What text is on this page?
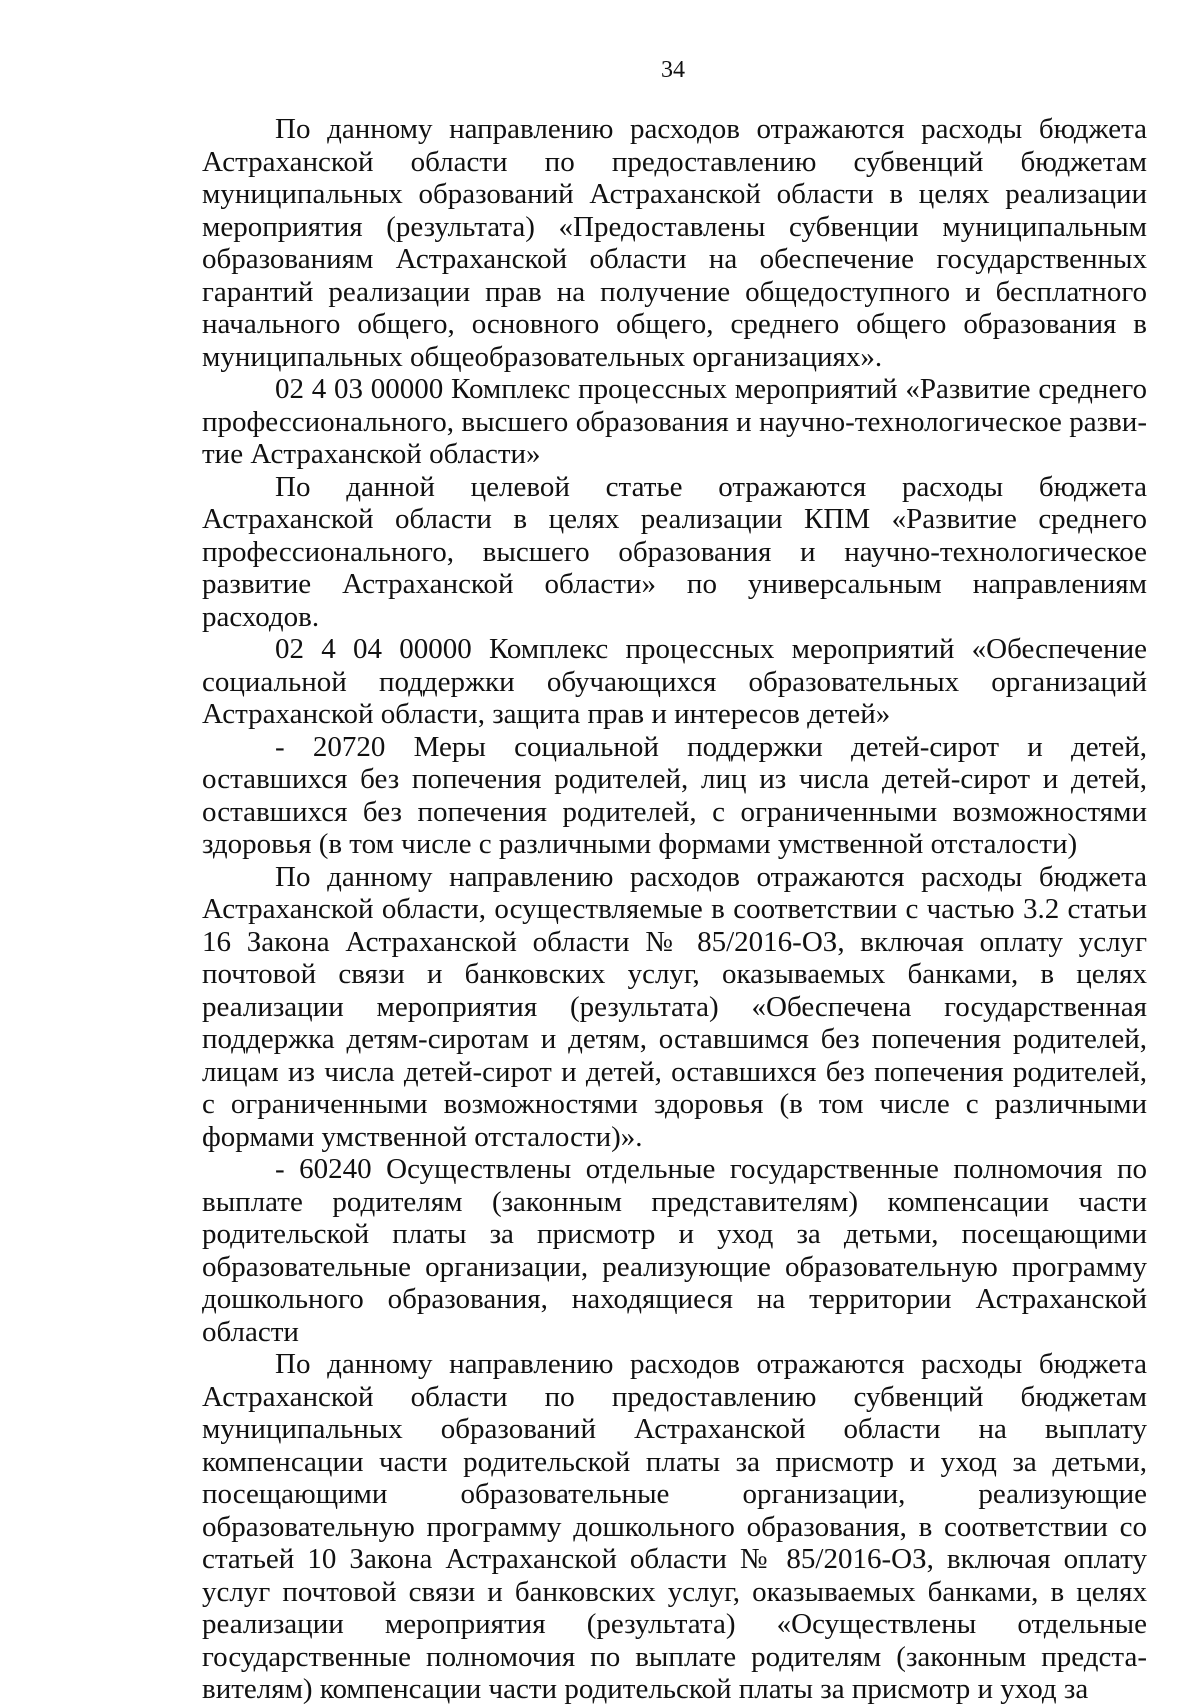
34

По данному направлению расходов отражаются расходы бюджета Астраханской области по предоставлению субвенций бюджетам муниципальных образований Астраханской области в целях реализации мероприятия (результата) «Предоставлены субвенции муниципальным образованиям Астраханской области на обеспечение государственных гарантий реализации прав на получение общедоступного и бесплатного начального общего, основного общего, среднего общего образования в муниципальных общеобразовательных организациях».

02 4 03 00000 Комплекс процессных мероприятий «Развитие среднего профессионального, высшего образования и научно-технологическое развитие Астраханской области»

По данной целевой статье отражаются расходы бюджета Астраханской области в целях реализации КПМ «Развитие среднего профессионального, высшего образования и научно-технологическое развитие Астраханской области» по универсальным направлениям расходов.

02 4 04 00000 Комплекс процессных мероприятий «Обеспечение социальной поддержки обучающихся образовательных организаций Астраханской области, защита прав и интересов детей»

- 20720 Меры социальной поддержки детей-сирот и детей, оставшихся без попечения родителей, лиц из числа детей-сирот и детей, оставшихся без попечения родителей, с ограниченными возможностями здоровья (в том числе с различными формами умственной отсталости)

По данному направлению расходов отражаются расходы бюджета Астраханской области, осуществляемые в соответствии с частью 3.2 статьи 16 Закона Астраханской области № 85/2016-ОЗ, включая оплату услуг почтовой связи и банковских услуг, оказываемых банками, в целях реализации мероприятия (результата) «Обеспечена государственная поддержка детям-сиротам и детям, оставшимся без попечения родителей, лицам из числа детей-сирот и детей, оставшихся без попечения родителей, с ограниченными возможностями здоровья (в том числе с различными формами умственной отсталости)».

- 60240 Осуществлены отдельные государственные полномочия по выплате родителям (законным представителям) компенсации части родительской платы за присмотр и уход за детьми, посещающими образовательные организации, реализующие образовательную программу дошкольного образования, находящиеся на территории Астраханской области

По данному направлению расходов отражаются расходы бюджета Астраханской области по предоставлению субвенций бюджетам муниципальных образований Астраханской области на выплату компенсации части родительской платы за присмотр и уход за детьми, посещающими образовательные организации, реализующие образовательную программу дошкольного образования, в соответствии со статьей 10 Закона Астраханской области № 85/2016-ОЗ, включая оплату услуг почтовой связи и банковских услуг, оказываемых банками, в целях реализации мероприятия (результата) «Осуществлены отдельные государственные полномочия по выплате родителям (законным представителям) компенсации части родительской платы за присмотр и уход за
